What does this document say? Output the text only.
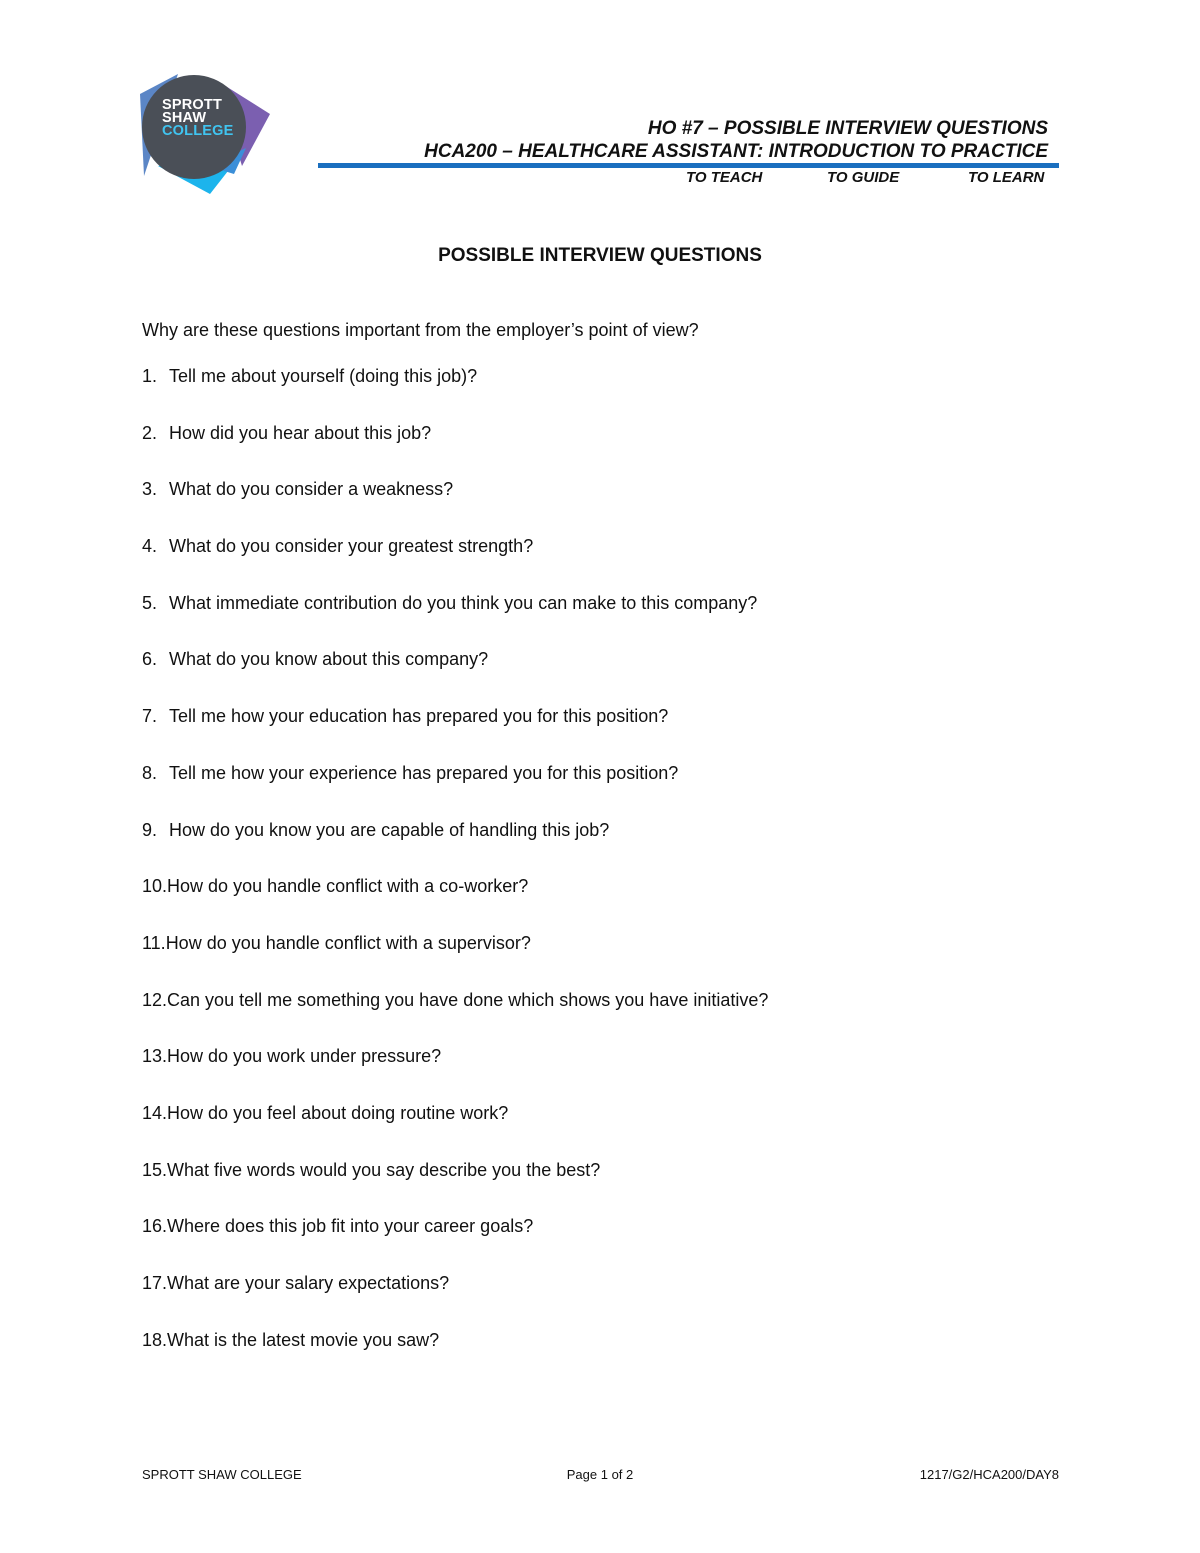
SPROTT
SHAW
COLLEGE	HO #7 – POSSIBLE INTERVIEW QUESTIONS
HCA200 – HEALTHCARE ASSISTANT: INTRODUCTION TO PRACTICE
TO TEACH	TO GUIDE	TO LEARN
POSSIBLE INTERVIEW QUESTIONS
Why are these questions important from the employer’s point of view?
1. Tell me about yourself (doing this job)?
2. How did you hear about this job?
3. What do you consider a weakness?
4. What do you consider your greatest strength?
5. What immediate contribution do you think you can make to this company?
6. What do you know about this company?
7. Tell me how your education has prepared you for this position?
8. Tell me how your experience has prepared you for this position?
9. How do you know you are capable of handling this job?
10.How do you handle conflict with a co-worker?
11.How do you handle conflict with a supervisor?
12.Can you tell me something you have done which shows you have initiative?
13.How do you work under pressure?
14.How do you feel about doing routine work?
15.What five words would you say describe you the best?
16.Where does this job fit into your career goals?
17.What are your salary expectations?
18.What is the latest movie you saw?
SPROTT SHAW COLLEGE	Page 1 of 2	1217/G2/HCA200/DAY8
